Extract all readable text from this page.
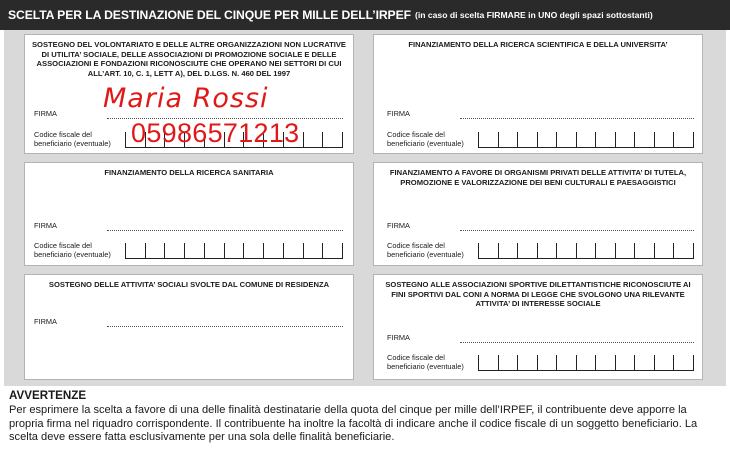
SCELTA PER LA DESTINAZIONE DEL CINQUE PER MILLE DELL’IRPEF (in caso di scelta FIRMARE in UNO degli spazi sottostanti)
SOSTEGNO DEL VOLONTARIATO E DELLE ALTRE ORGANIZZAZIONI NON LUCRATIVE DI UTILITA’ SOCIALE, DELLE ASSOCIAZIONI DI PROMOZIONE SOCIALE E DELLE ASSOCIAZIONI E FONDAZIONI RICONOSCIUTE CHE OPERANO NEI SETTORI DI CUI ALL’ART. 10, C. 1, LETT A), DEL D.LGS. N. 460 DEL 1997
FIRMA
Codice fiscale del
beneficiario (eventuale)
Maria Rossi
05986571213
FINANZIAMENTO DELLA RICERCA SCIENTIFICA E DELLA UNIVERSITA’
FIRMA
Codice fiscale del
beneficiario (eventuale)
FINANZIAMENTO DELLA RICERCA SANITARIA
FIRMA
Codice fiscale del
beneficiario (eventuale)
FINANZIAMENTO A FAVORE DI ORGANISMI PRIVATI DELLE ATTIVITA’ DI TUTELA, PROMOZIONE E VALORIZZAZIONE DEI BENI CULTURALI E PAESAGGISTICI
FIRMA
Codice fiscale del
beneficiario (eventuale)
SOSTEGNO DELLE ATTIVITA’ SOCIALI SVOLTE DAL COMUNE DI RESIDENZA
FIRMA
SOSTEGNO ALLE ASSOCIAZIONI SPORTIVE DILETTANTISTICHE RICONOSCIUTE AI FINI SPORTIVI DAL CONI A NORMA DI LEGGE CHE SVOLGONO UNA RILEVANTE ATTIVITA’ DI INTERESSE SOCIALE
FIRMA
Codice fiscale del
beneficiario (eventuale)
AVVERTENZE
Per esprimere la scelta a favore di una delle finalità destinatarie della quota del cinque per mille dell’IRPEF, il contribuente deve apporre la propria firma nel riquadro corrispondente. Il contribuente ha inoltre la facoltà di indicare anche il codice fiscale di un soggetto beneficiario. La scelta deve essere fatta esclusivamente per una sola delle finalità beneficiarie.
